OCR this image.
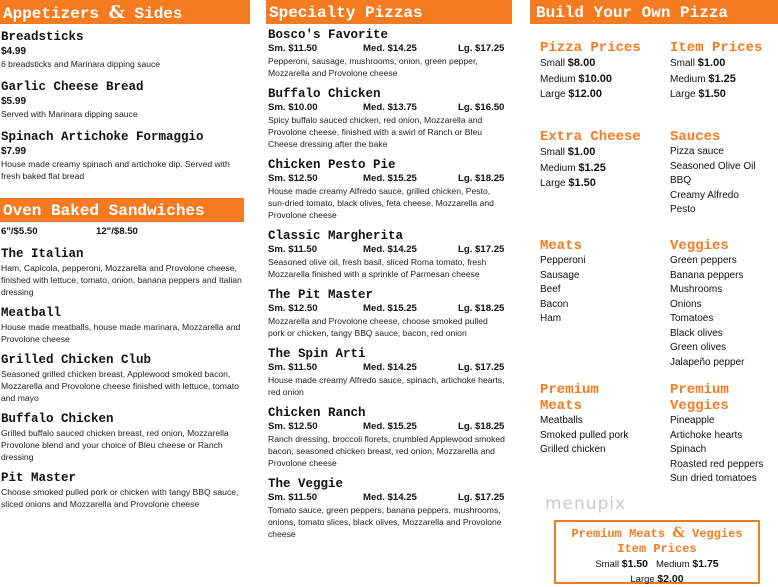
Appetizers & Sides
Breadsticks
$4.99
6 breadsticks and Marinara dipping sauce
Garlic Cheese Bread
$5.99
Served with Marinara dipping sauce
Spinach Artichoke Formaggio
$7.99
House made creamy spinach and artichoke dip. Served with fresh baked flat bread
Oven Baked Sandwiches
6"/$5.50	12"/$8.50
The Italian
Ham, Capicola, pepperoni, Mozzarella and Provolone cheese, finished with lettuce, tomato, onion, banana peppers and Italian dressing
Meatball
House made meatballs, house made marinara, Mozzarella and Provolone cheese
Grilled Chicken Club
Seasoned grilled chicken breast, Applewood smoked bacon, Mozzarella and Provolone cheese finished with lettuce, tomato and mayo
Buffalo Chicken
Grilled buffalo sauced chicken breast, red onion, Mozzarella Provolone blend and your choice of Bleu cheese or Ranch dressing
Pit Master
Choose smoked pulled pork or chicken with tangy BBQ sauce, sliced onions and Mozzarella and Provolone cheese
Specialty Pizzas
Bosco's Favorite
Sm. $11.50	Med. $14.25	Lg. $17.25
Pepperoni, sausage, mushrooms, onion, green pepper, Mozzarella and Provolone cheese
Buffalo Chicken
Sm. $10.00	Med. $13.75	Lg. $16.50
Spicy buffalo sauced chicken, red onion, Mozzarella and Provolone cheese, finished with a swirl of Ranch or Bleu Cheese dressing after the bake
Chicken Pesto Pie
Sm. $12.50	Med. $15.25	Lg. $18.25
House made creamy Alfredo sauce, grilled chicken, Pesto, sun-dried tomato, black olives, feta cheese, Mozzarella and Provolone cheese
Classic Margherita
Sm. $11.50	Med. $14.25	Lg. $17.25
Seasoned olive oil, fresh basil, sliced Roma tomato, fresh Mozzarella finished with a sprinkle of Parmesan cheese
The Pit Master
Sm. $12.50	Med. $15.25	Lg. $18.25
Mozzarella and Provolone cheese, choose smoked pulled pork or chicken, tangy BBQ sauce, bacon, red onion
The Spin Arti
Sm. $11.50	Med. $14.25	Lg. $17.25
House made creamy Alfredo sauce, spinach, artichoke hearts, red onion
Chicken Ranch
Sm. $12.50	Med. $15.25	Lg. $18.25
Ranch dressing, broccoli florets, crumbled Applewood smoked bacon, seasoned chicken breast, red onion, Mozzarella and Provolone cheese
The Veggie
Sm. $11.50	Med. $14.25	Lg. $17.25
Tomato sauce, green peppers, banana peppers, mushrooms, onions, tomato slices, black olives, Mozzarella and Provolone cheese
Build Your Own Pizza
Pizza Prices
Small $8.00
Medium $10.00
Large $12.00
Item Prices
Small $1.00
Medium $1.25
Large $1.50
Extra Cheese
Small $1.00
Medium $1.25
Large $1.50
Sauces
Pizza sauce
Seasoned Olive Oil
BBQ
Creamy Alfredo
Pesto
Meats
Pepperoni
Sausage
Beef
Bacon
Ham
Veggies
Green peppers
Banana peppers
Mushrooms
Onions
Tomatoes
Black olives
Green olives
Jalapeño pepper
Premium
Meats
Meatballs
Smoked pulled pork
Grilled chicken
Premium
Veggies
Pineapple
Artichoke hearts
Spinach
Roasted red peppers
Sun dried tomatoes
menupix
Premium Meats & Veggies
Item Prices
Small $1.50 Medium $1.75
Large $2.00
